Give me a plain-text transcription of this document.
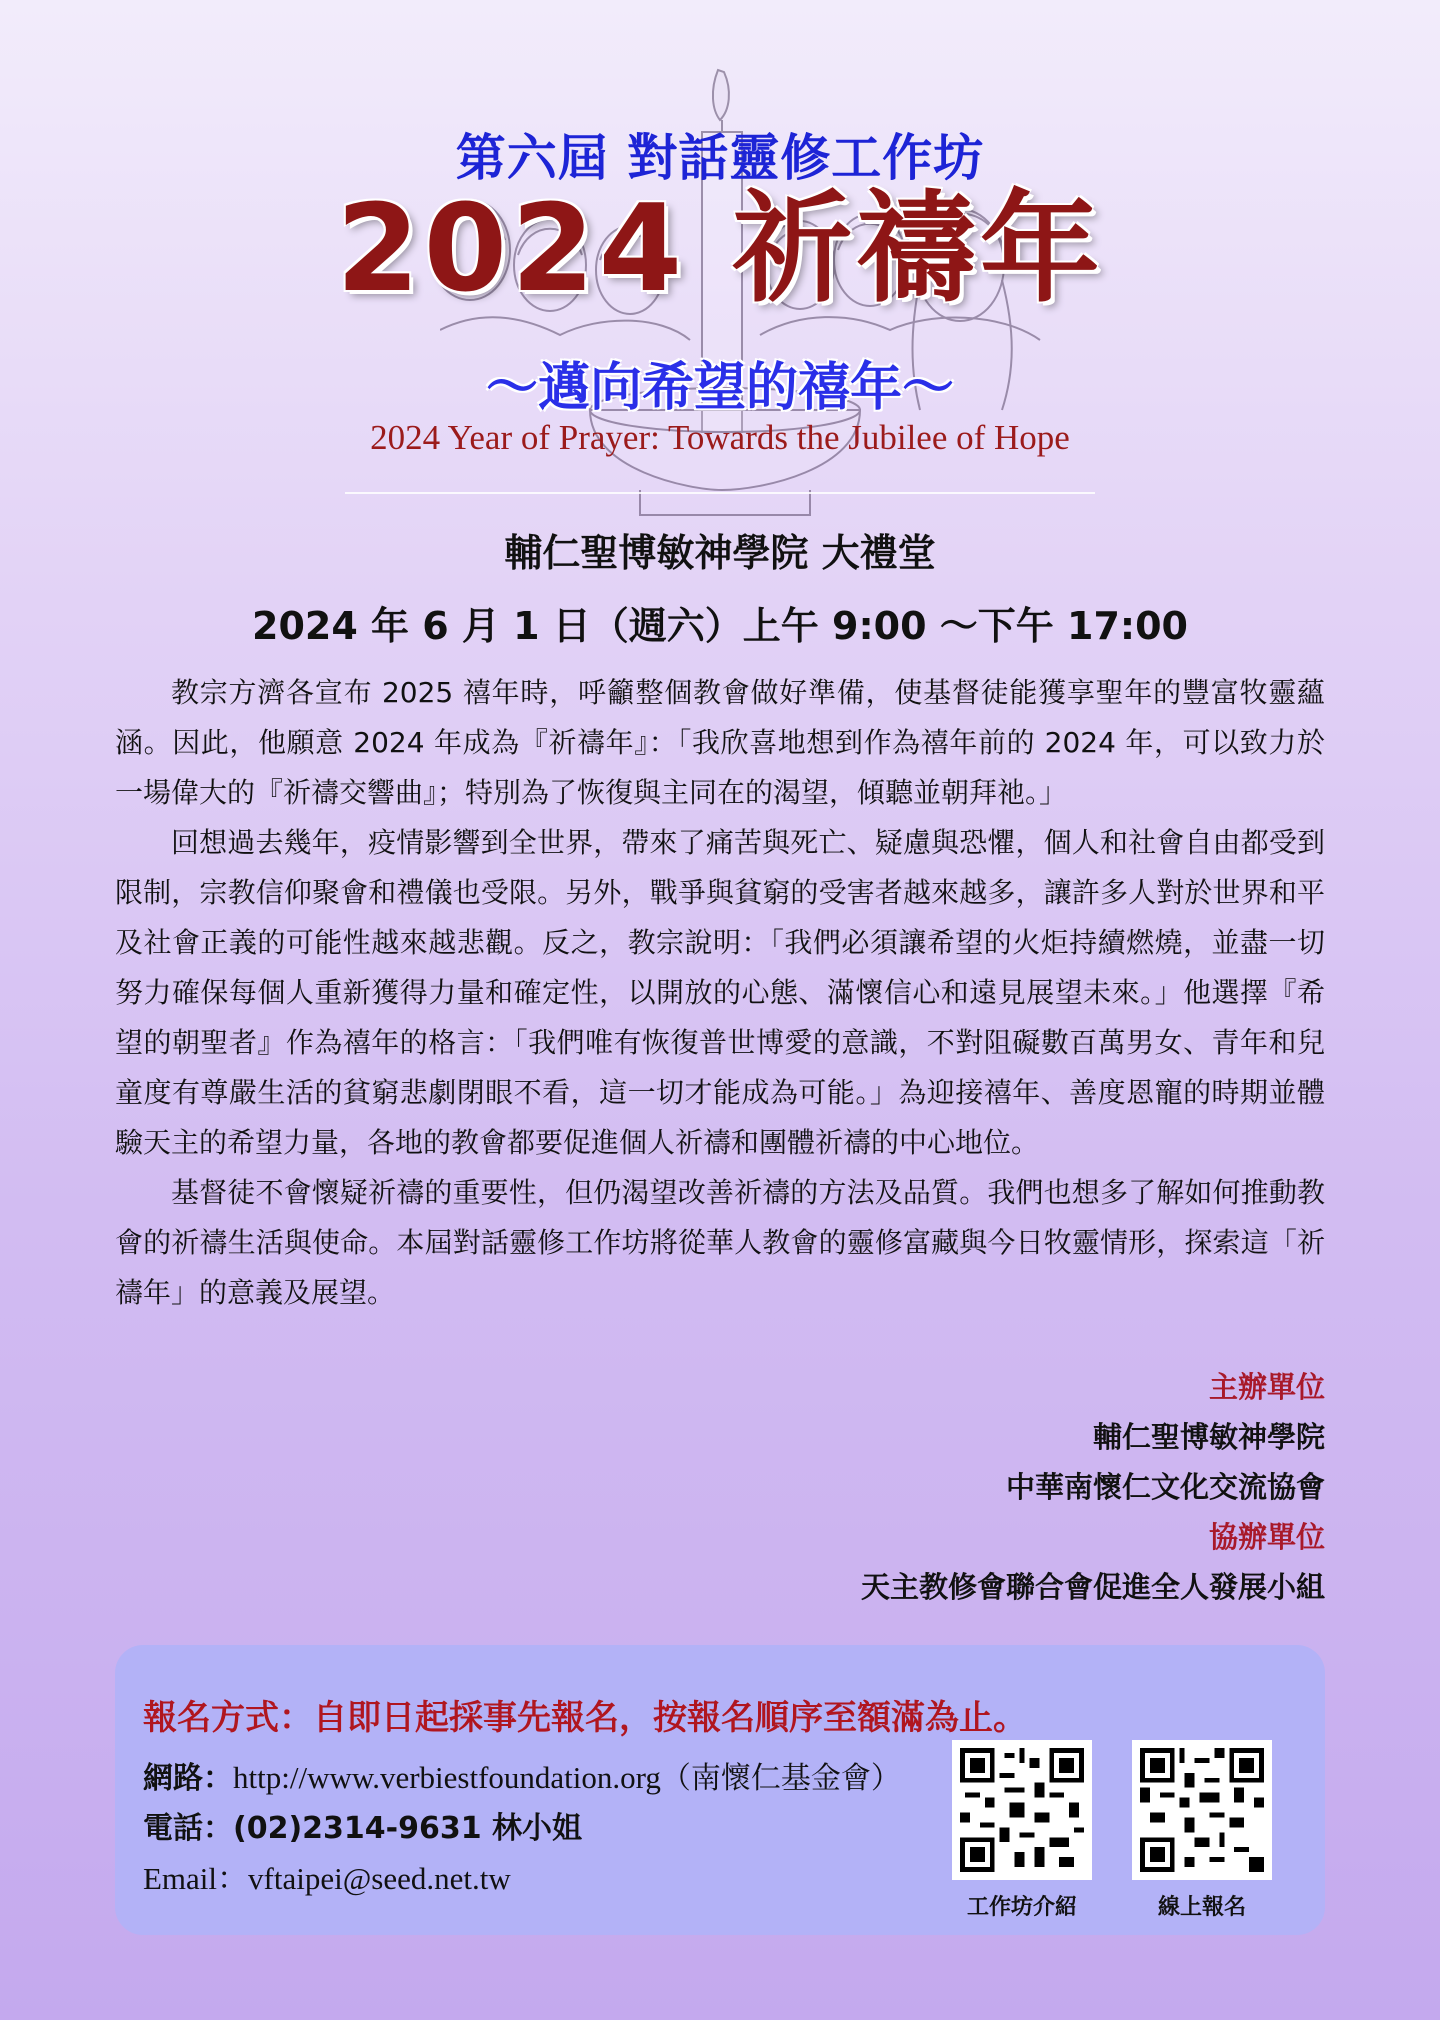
第六屆 對話靈修工作坊
2024 祈禱年
～邁向希望的禧年～
2024 Year of Prayer: Towards the Jubilee of Hope
輔仁聖博敏神學院 大禮堂
2024 年 6 月 1 日（週六）上午 9:00 ～下午 17:00

教宗方濟各宣布 2025 禧年時，呼籲整個教會做好準備，使基督徒能獲享聖年的豐富牧靈蘊涵。因此，他願意 2024 年成為『祈禱年』：「我欣喜地想到作為禧年前的 2024 年，可以致力於一場偉大的『祈禱交響曲』；特別為了恢復與主同在的渴望，傾聽並朝拜祂。」

回想過去幾年，疫情影響到全世界，帶來了痛苦與死亡、疑慮與恐懼，個人和社會自由都受到限制，宗教信仰聚會和禮儀也受限。另外，戰爭與貧窮的受害者越來越多，讓許多人對於世界和平及社會正義的可能性越來越悲觀。反之，教宗說明：「我們必須讓希望的火炬持續燃燒，並盡一切努力確保每個人重新獲得力量和確定性，以開放的心態、滿懷信心和遠見展望未來。」他選擇『希望的朝聖者』作為禧年的格言：「我們唯有恢復普世博愛的意識，不對阻礙數百萬男女、青年和兒童度有尊嚴生活的貧窮悲劇閉眼不看，這一切才能成為可能。」為迎接禧年、善度恩寵的時期並體驗天主的希望力量，各地的教會都要促進個人祈禱和團體祈禱的中心地位。

基督徒不會懷疑祈禱的重要性，但仍渴望改善祈禱的方法及品質。我們也想多了解如何推動教會的祈禱生活與使命。本屆對話靈修工作坊將從華人教會的靈修富藏與今日牧靈情形，探索這「祈禱年」的意義及展望。

主辦單位
輔仁聖博敏神學院
中華南懷仁文化交流協會
協辦單位
天主教修會聯合會促進全人發展小組
報名方式：自即日起採事先報名，按報名順序至額滿為止。
網路：http://www.verbiestfoundation.org（南懷仁基金會）
電話：(02)2314-9631 林小姐
Email：vftaipei@seed.net.tw
工作坊介紹	線上報名
